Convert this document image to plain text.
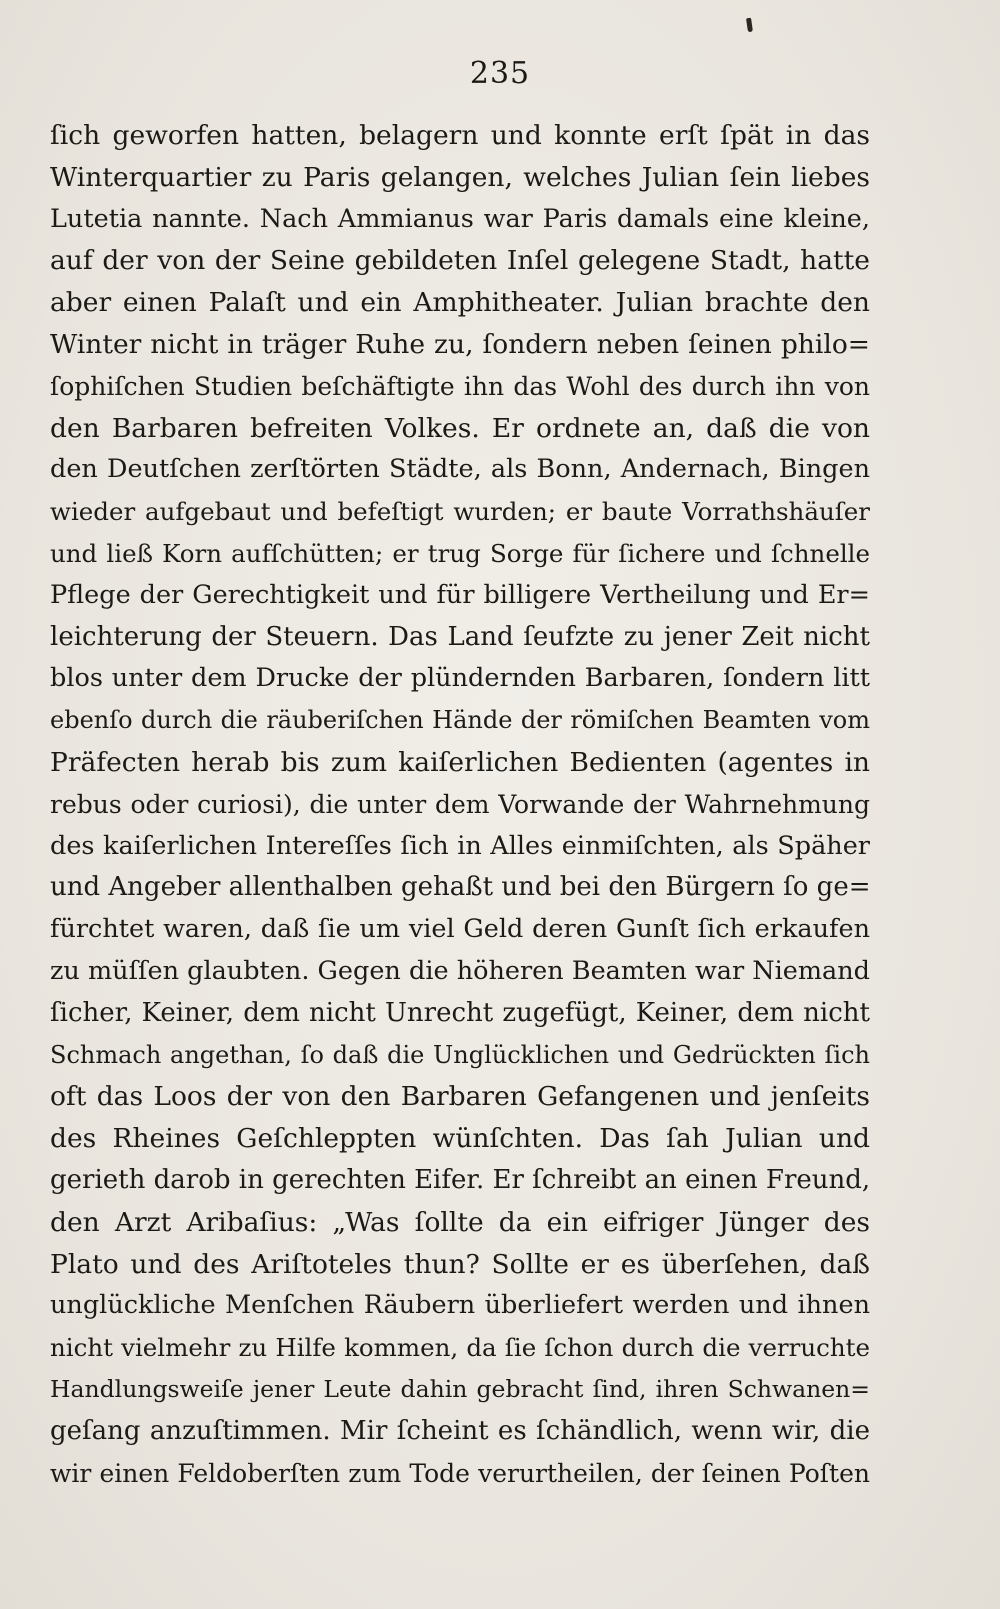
235
ſich geworfen hatten, belagern und konnte erſt ſpät in das
Winterquartier zu Paris gelangen, welches Julian ſein liebes
Lutetia nannte. Nach Ammianus war Paris damals eine kleine,
auf der von der Seine gebildeten Inſel gelegene Stadt, hatte
aber einen Palaſt und ein Amphitheater. Julian brachte den
Winter nicht in träger Ruhe zu, ſondern neben ſeinen philo=
ſophiſchen Studien beſchäftigte ihn das Wohl des durch ihn von
den Barbaren befreiten Volkes. Er ordnete an, daß die von
den Deutſchen zerſtörten Städte, als Bonn, Andernach, Bingen
wieder aufgebaut und befeſtigt wurden; er baute Vorrathshäuſer
und ließ Korn aufſchütten; er trug Sorge für ſichere und ſchnelle
Pflege der Gerechtigkeit und für billigere Vertheilung und Er=
leichterung der Steuern. Das Land ſeufzte zu jener Zeit nicht
blos unter dem Drucke der plündernden Barbaren, ſondern litt
ebenſo durch die räuberiſchen Hände der römiſchen Beamten vom
Präfecten herab bis zum kaiſerlichen Bedienten (agentes in
rebus oder curiosi), die unter dem Vorwande der Wahrnehmung
des kaiſerlichen Intereſſes ſich in Alles einmiſchten, als Späher
und Angeber allenthalben gehaßt und bei den Bürgern ſo ge=
fürchtet waren, daß ſie um viel Geld deren Gunſt ſich erkaufen
zu müſſen glaubten. Gegen die höheren Beamten war Niemand
ſicher, Keiner, dem nicht Unrecht zugefügt, Keiner, dem nicht
Schmach angethan, ſo daß die Unglücklichen und Gedrückten ſich
oft das Loos der von den Barbaren Gefangenen und jenſeits
des Rheines Geſchleppten wünſchten. Das ſah Julian und
gerieth darob in gerechten Eifer. Er ſchreibt an einen Freund,
den Arzt Aribaſius: „Was ſollte da ein eifriger Jünger des
Plato und des Ariſtoteles thun? Sollte er es überſehen, daß
unglückliche Menſchen Räubern überliefert werden und ihnen
nicht vielmehr zu Hilfe kommen, da ſie ſchon durch die verruchte
Handlungsweiſe jener Leute dahin gebracht ſind, ihren Schwanen=
geſang anzuſtimmen. Mir ſcheint es ſchändlich, wenn wir, die
wir einen Feldoberſten zum Tode verurtheilen, der ſeinen Poſten
